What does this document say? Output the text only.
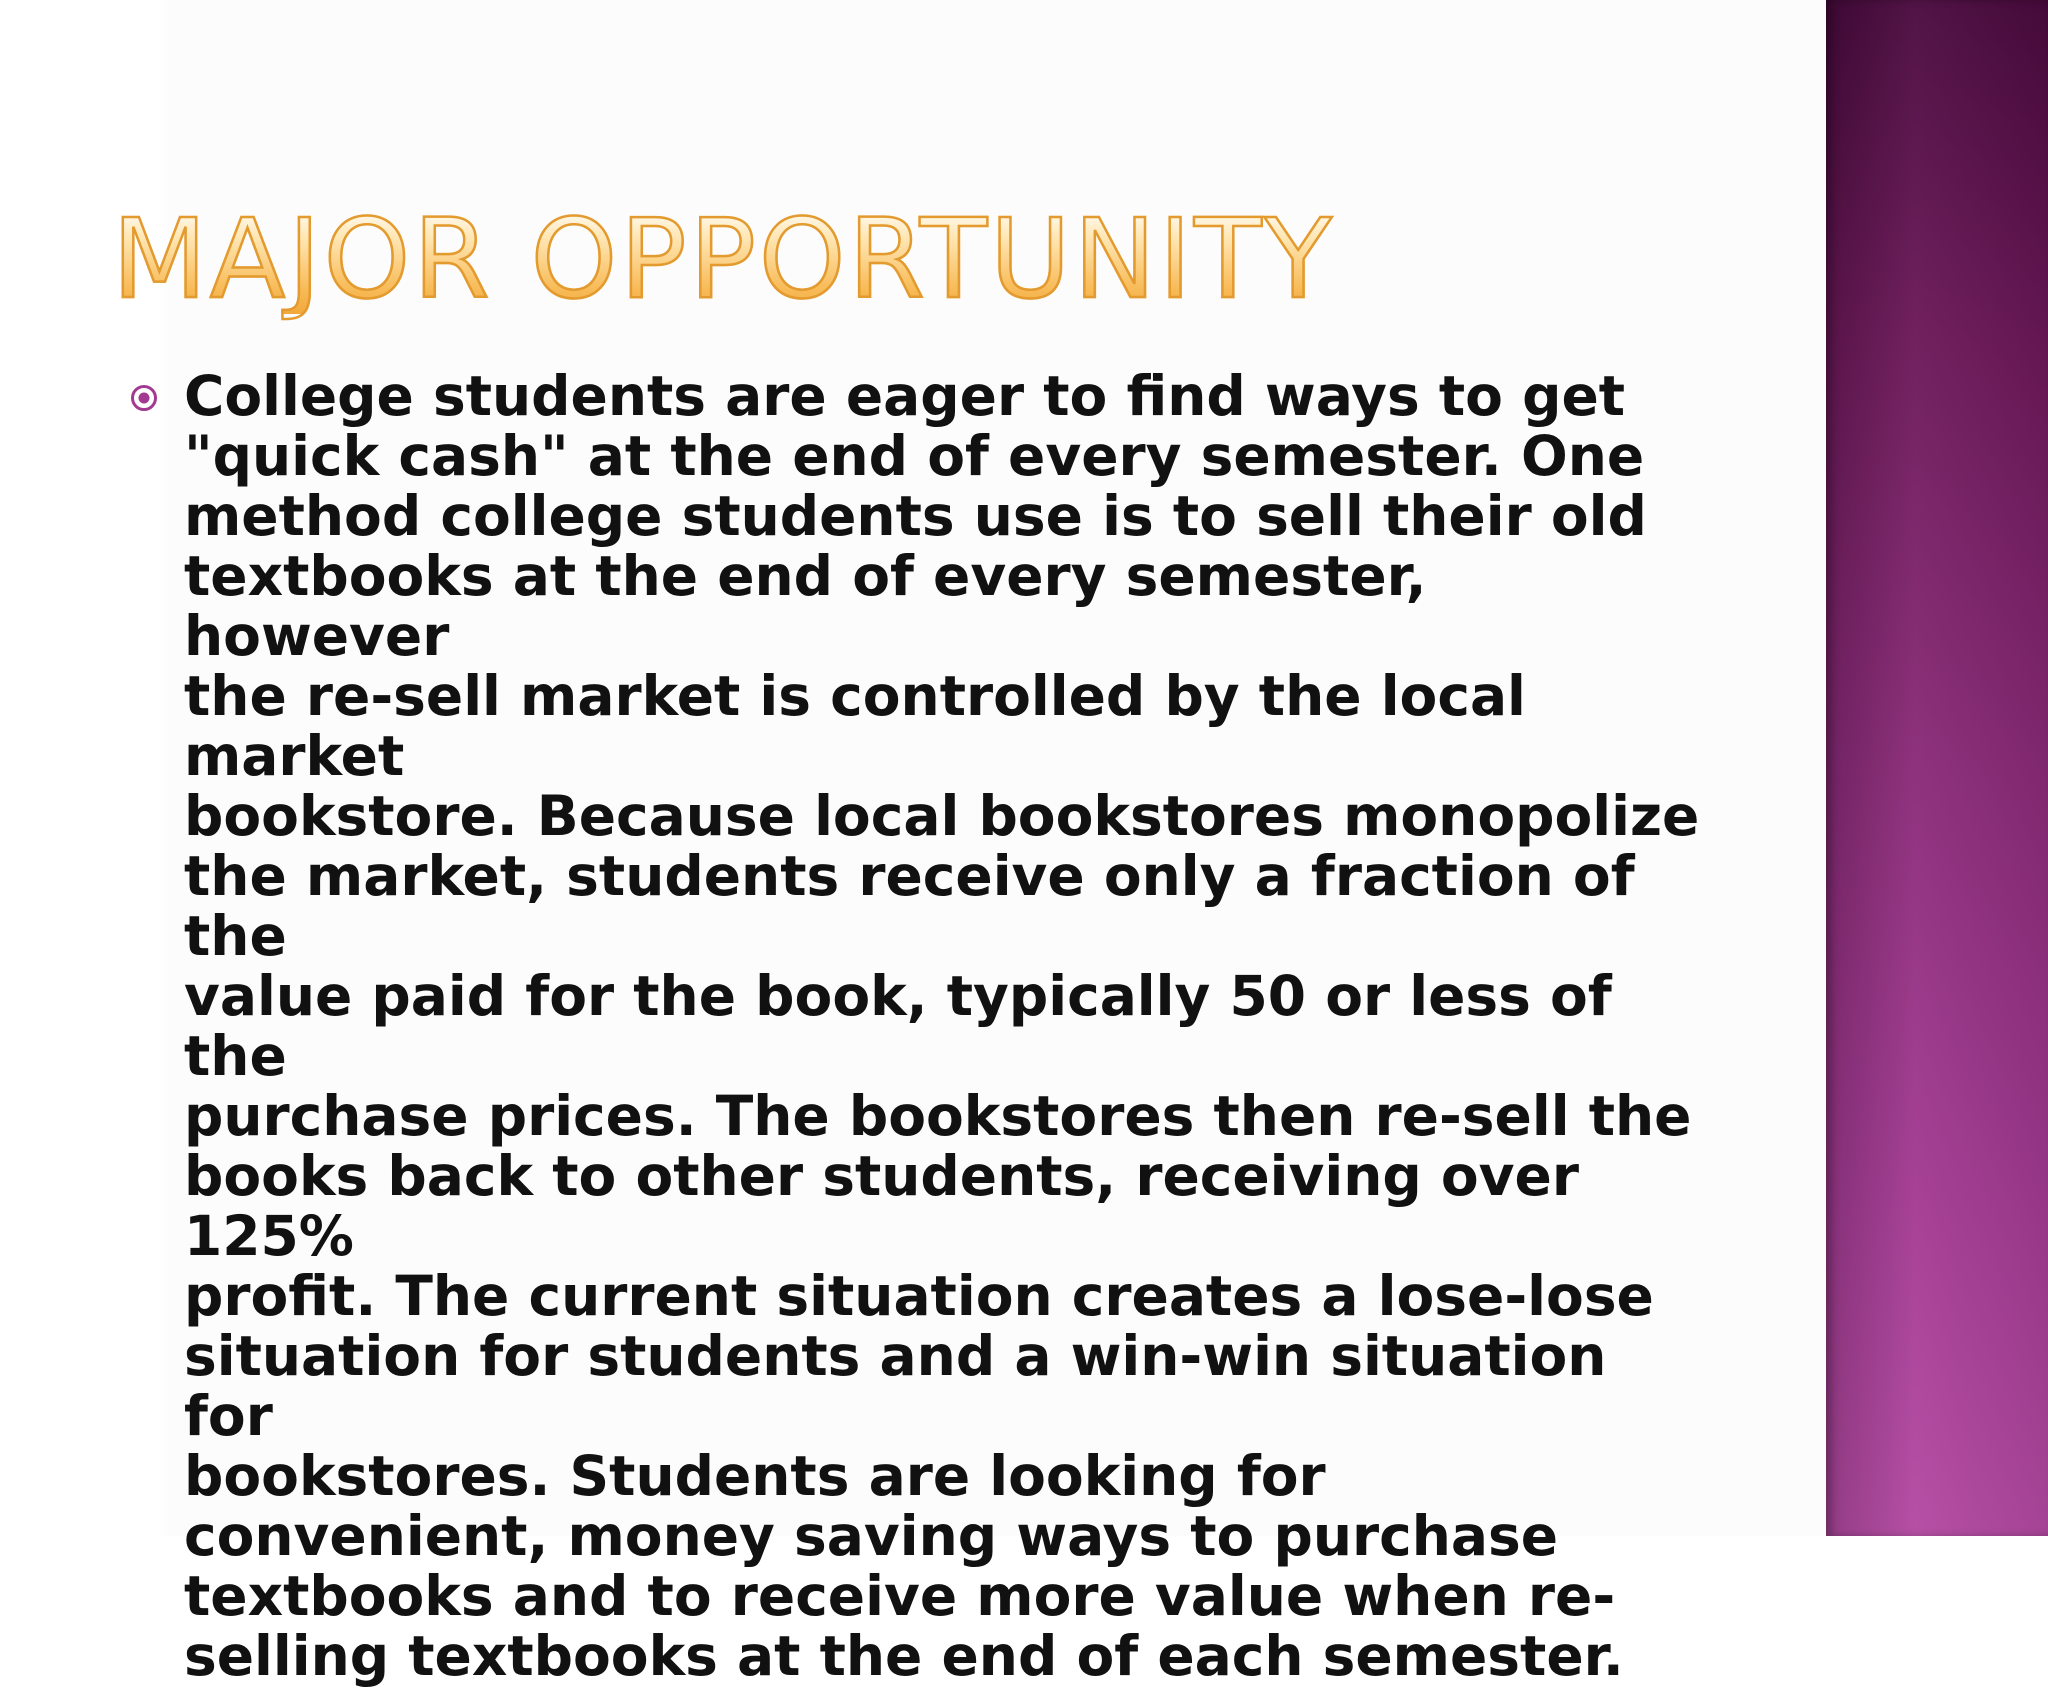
MAJOR OPPORTUNITY
College students are eager to find ways to get
"quick cash" at the end of every semester. One
method college students use is to sell their old
textbooks at the end of every semester, however
the re-sell market is controlled by the local market
bookstore. Because local bookstores monopolize
the market, students receive only a fraction of the
value paid for the book, typically 50 or less of the
purchase prices. The bookstores then re-sell the
books back to other students, receiving over 125%
profit. The current situation creates a lose-lose
situation for students and a win-win situation for
bookstores. Students are looking for
convenient, money saving ways to purchase
textbooks and to receive more value when re-
selling textbooks at the end of each semester.
